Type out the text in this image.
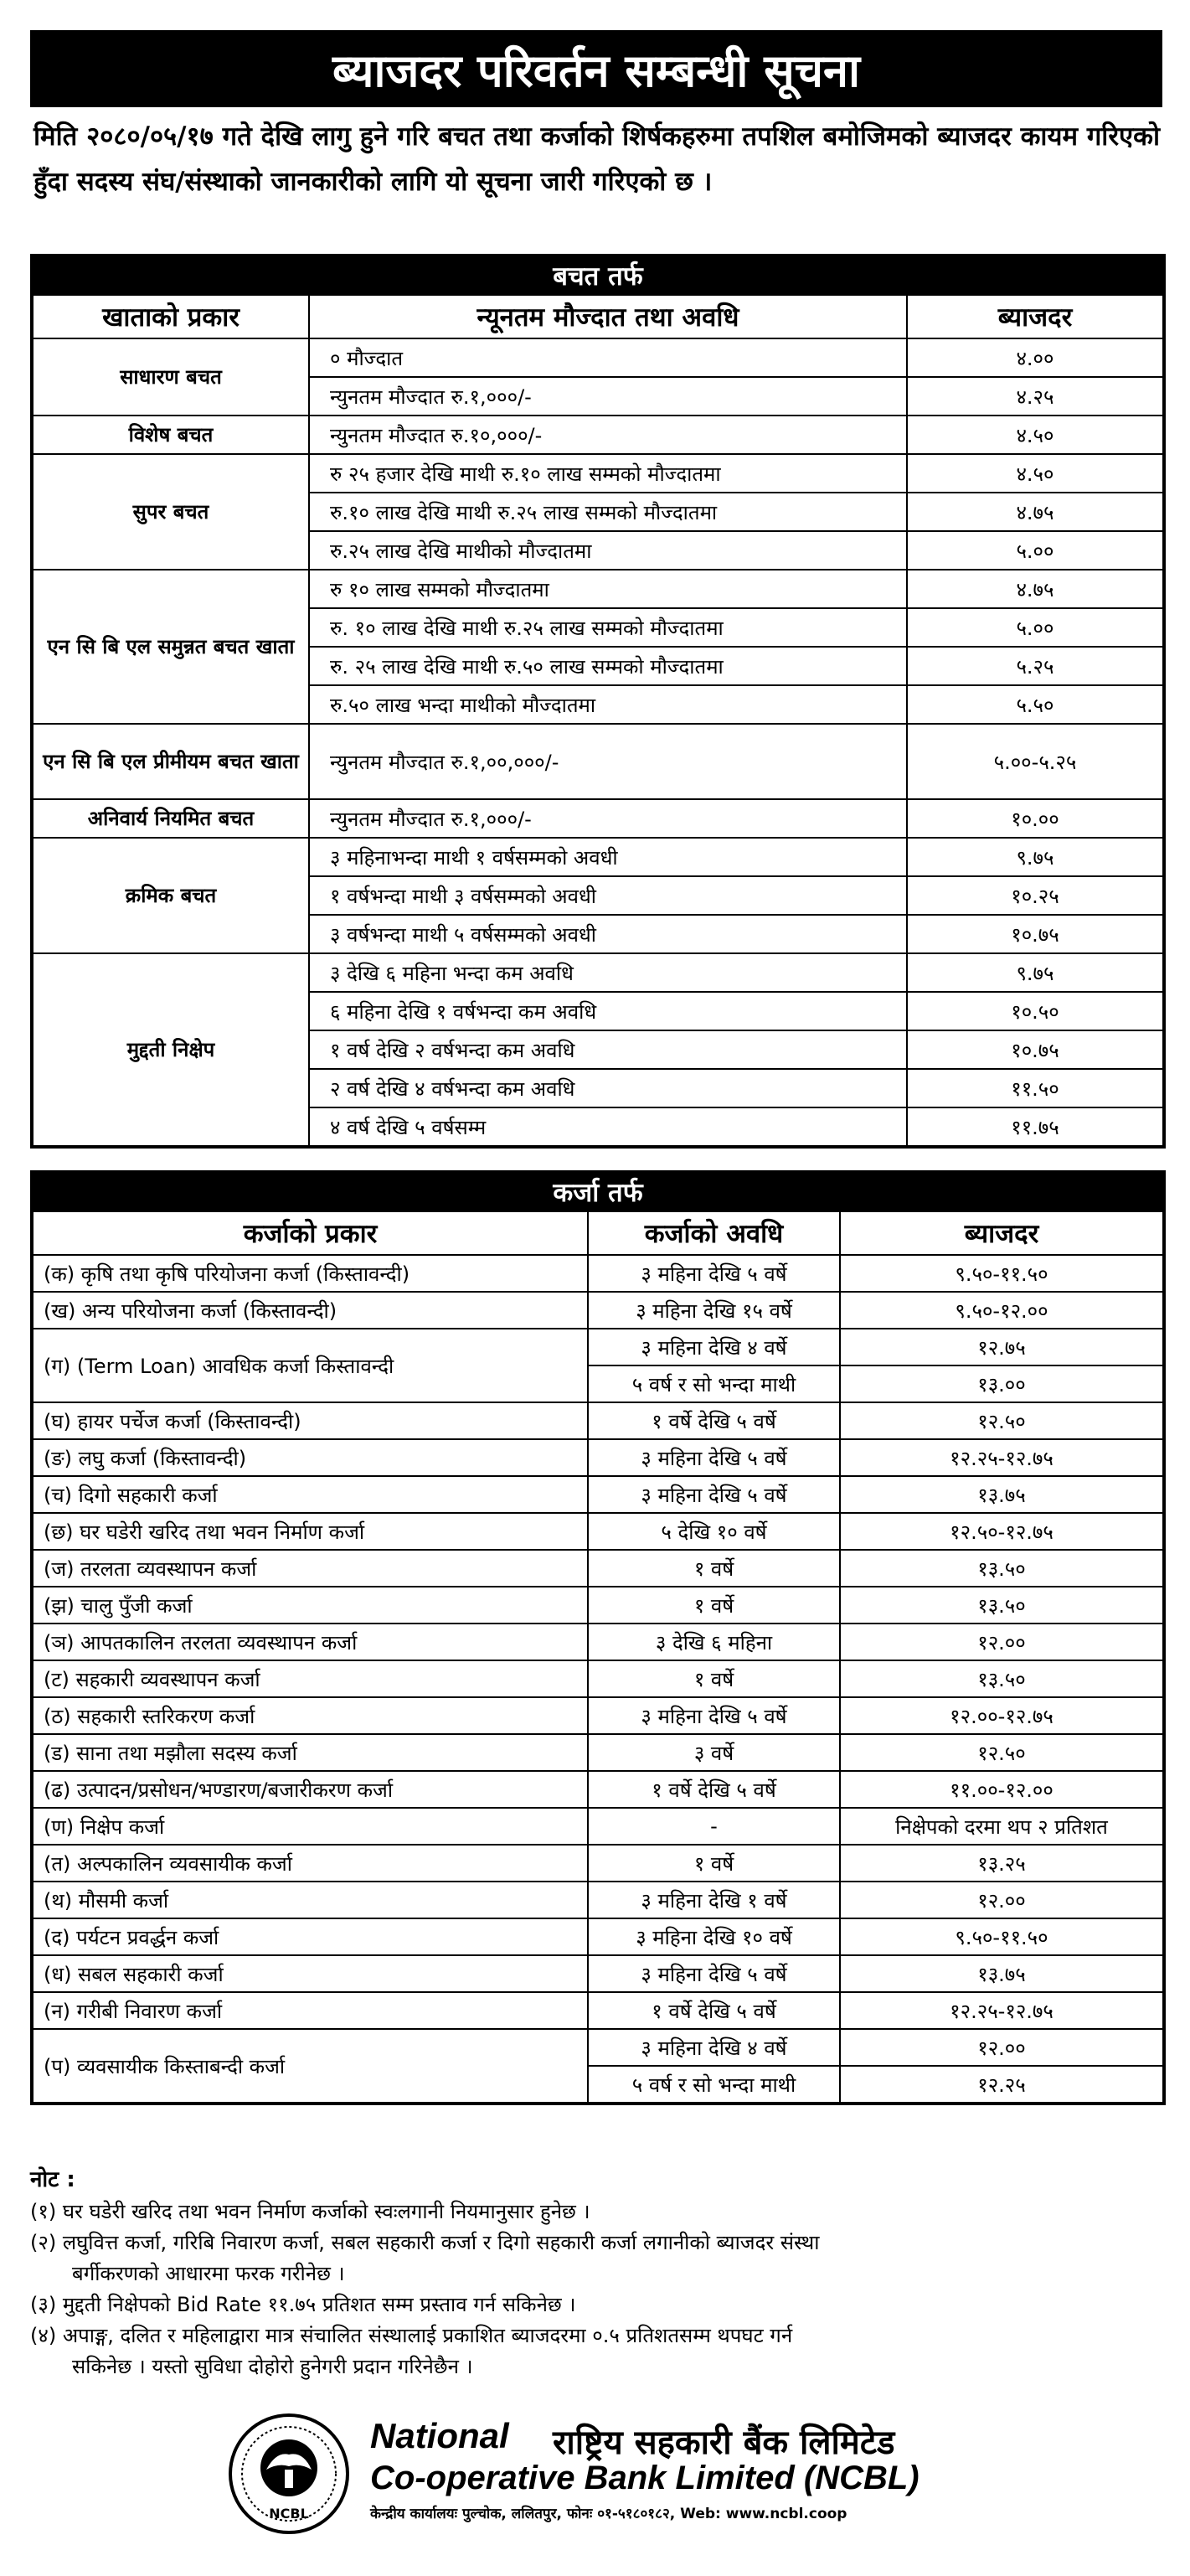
ब्याजदर परिवर्तन सम्बन्धी सूचना
मिति २०८०/०५/१७ गते देखि लागु हुने गरि बचत तथा कर्जाको शिर्षकहरुमा तपशिल बमोजिमको ब्याजदर कायम गरिएको हुँदा सदस्य संघ/संस्थाको जानकारीको लागि यो सूचना जारी गरिएको छ ।
बचत तर्फ		
खाताको प्रकार	न्यूनतम मौज्दात तथा अवधि	ब्याजदर
साधारण बचत	० मौज्दात	४.००
	न्युनतम मौज्दात रु.१,०००/-	४.२५
विशेष बचत	न्युनतम मौज्दात रु.१०,०००/-	४.५०
सुपर बचत	रु २५ हजार देखि माथी रु.१० लाख सम्मको मौज्दातमा	४.५०
	रु.१० लाख देखि माथी रु.२५ लाख सम्मको मौज्दातमा	४.७५
	रु.२५ लाख देखि माथीको मौज्दातमा	५.००
एन सि बि एल समुन्नत बचत खाता	रु १० लाख सम्मको मौज्दातमा	४.७५
	रु. १० लाख देखि माथी रु.२५ लाख सम्मको मौज्दातमा	५.००
	रु. २५ लाख देखि माथी रु.५० लाख सम्मको मौज्दातमा	५.२५
	रु.५० लाख भन्दा माथीको मौज्दातमा	५.५०
एन सि बि एल प्रीमीयम बचत खाता	न्युनतम मौज्दात रु.१,००,०००/-	५.००-५.२५
अनिवार्य नियमित बचत	न्युनतम मौज्दात रु.१,०००/-	१०.००
क्रमिक बचत	३ महिनाभन्दा माथी १ वर्षसम्मको अवधी	९.७५
	१ वर्षभन्दा माथी ३ वर्षसम्मको अवधी	१०.२५
	३ वर्षभन्दा माथी ५ वर्षसम्मको अवधी	१०.७५
मुद्दती निक्षेप	३ देखि ६ महिना भन्दा कम अवधि	९.७५
	६ महिना देखि १ वर्षभन्दा कम अवधि	१०.५०
	१ वर्ष देखि २ वर्षभन्दा कम अवधि	१०.७५
	२ वर्ष देखि ४ वर्षभन्दा कम अवधि	११.५०
	४ वर्ष देखि ५ वर्षसम्म	११.७५
कर्जा तर्फ		
कर्जाको प्रकार	कर्जाको अवधि	ब्याजदर
(क) कृषि तथा कृषि परियोजना कर्जा (किस्तावन्दी)	३ महिना देखि ५ वर्षे	९.५०-११.५०
(ख) अन्य परियोजना कर्जा (किस्तावन्दी)	३ महिना देखि १५ वर्षे	९.५०-१२.००
(ग) (Term Loan) आवधिक कर्जा किस्तावन्दी	३ महिना देखि ४ वर्षे	१२.७५
	५ वर्ष र सो भन्दा माथी	१३.००
(घ) हायर पर्चेज कर्जा (किस्तावन्दी)	१ वर्षे देखि ५ वर्षे	१२.५०
(ङ) लघु कर्जा (किस्तावन्दी)	३ महिना देखि ५ वर्षे	१२.२५-१२.७५
(च) दिगो सहकारी कर्जा	३ महिना देखि ५ वर्षे	१३.७५
(छ) घर घडेरी खरिद तथा भवन निर्माण कर्जा	५ देखि १० वर्षे	१२.५०-१२.७५
(ज) तरलता व्यवस्थापन कर्जा	१ वर्षे	१३.५०
(झ) चालु पुँजी कर्जा	१ वर्षे	१३.५०
(ञ) आपतकालिन तरलता व्यवस्थापन कर्जा	३ देखि ६ महिना	१२.००
(ट) सहकारी व्यवस्थापन कर्जा	१ वर्षे	१३.५०
(ठ) सहकारी स्तरिकरण कर्जा	३ महिना देखि ५ वर्षे	१२.००-१२.७५
(ड) साना तथा मझौला सदस्य कर्जा	३ वर्षे	१२.५०
(ढ) उत्पादन/प्रसोधन/भण्डारण/बजारीकरण कर्जा	१ वर्षे देखि ५ वर्षे	११.००-१२.००
(ण) निक्षेप कर्जा	-	निक्षेपको दरमा थप २ प्रतिशत
(त) अल्पकालिन व्यवसायीक कर्जा	१ वर्षे	१३.२५
(थ) मौसमी कर्जा	३ महिना देखि १ वर्षे	१२.००
(द) पर्यटन प्रवर्द्धन कर्जा	३ महिना देखि १० वर्षे	९.५०-११.५०
(ध) सबल सहकारी कर्जा	३ महिना देखि ५ वर्षे	१३.७५
(न) गरीबी निवारण कर्जा	१ वर्षे देखि ५ वर्षे	१२.२५-१२.७५
(प) व्यवसायीक किस्ताबन्दी कर्जा	३ महिना देखि ४ वर्षे	१२.००
	५ वर्ष र सो भन्दा माथी	१२.२५
नोट :
(१) घर घडेरी खरिद तथा भवन निर्माण कर्जाको स्वःलगानी नियमानुसार हुनेछ ।
(२) लघुवित्त कर्जा, गरिबि निवारण कर्जा, सबल सहकारी कर्जा र दिगो सहकारी कर्जा लगानीको ब्याजदर संस्था
बर्गीकरणको आधारमा फरक गरीनेछ ।
(३) मुद्दती निक्षेपको Bid Rate ११.७५ प्रतिशत सम्म प्रस्ताव गर्न सकिनेछ ।
(४) अपाङ्ग, दलित र महिलाद्वारा मात्र संचालित संस्थालाई प्रकाशित ब्याजदरमा ०.५ प्रतिशतसम्म थपघट गर्न
सकिनेछ । यस्तो सुविधा दोहोरो हुनेगरी प्रदान गरिनेछैन ।
NCBL
National राष्ट्रिय सहकारी बैंक लिमिटेड
Co-operative Bank Limited (NCBL)
केन्द्रीय कार्यालयः पुल्चोक, ललितपुर, फोनः ०१-५१८०१८२, Web: www.ncbl.coop
